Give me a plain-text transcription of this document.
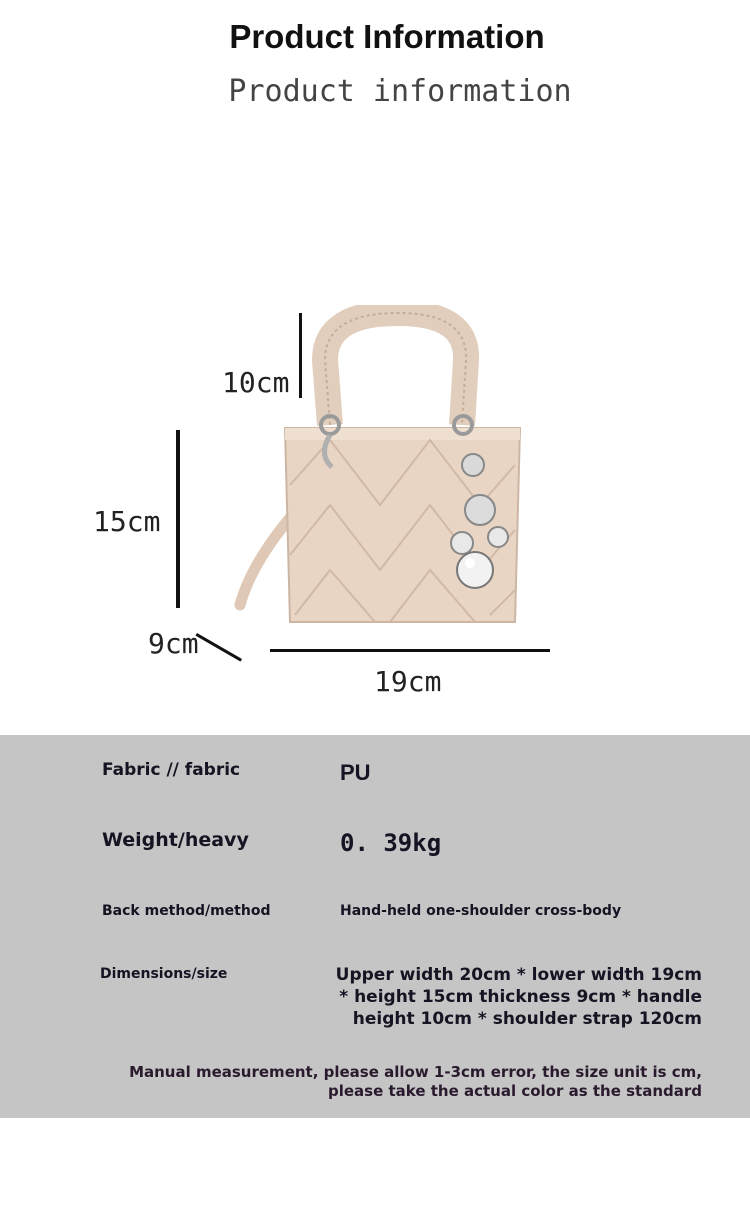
Product Information
Product information
10cm
15cm
9cm
19cm
Fabric // fabric	PU
Weight/heavy	0. 39kg
Back method/method	Hand-held one-shoulder cross-body
Dimensions/size	Upper width 20cm * lower width 19cm * height 15cm thickness 9cm * handle height 10cm * shoulder strap 120cm
Manual measurement, please allow 1-3cm error, the size unit is cm, please take the actual color as the standard
